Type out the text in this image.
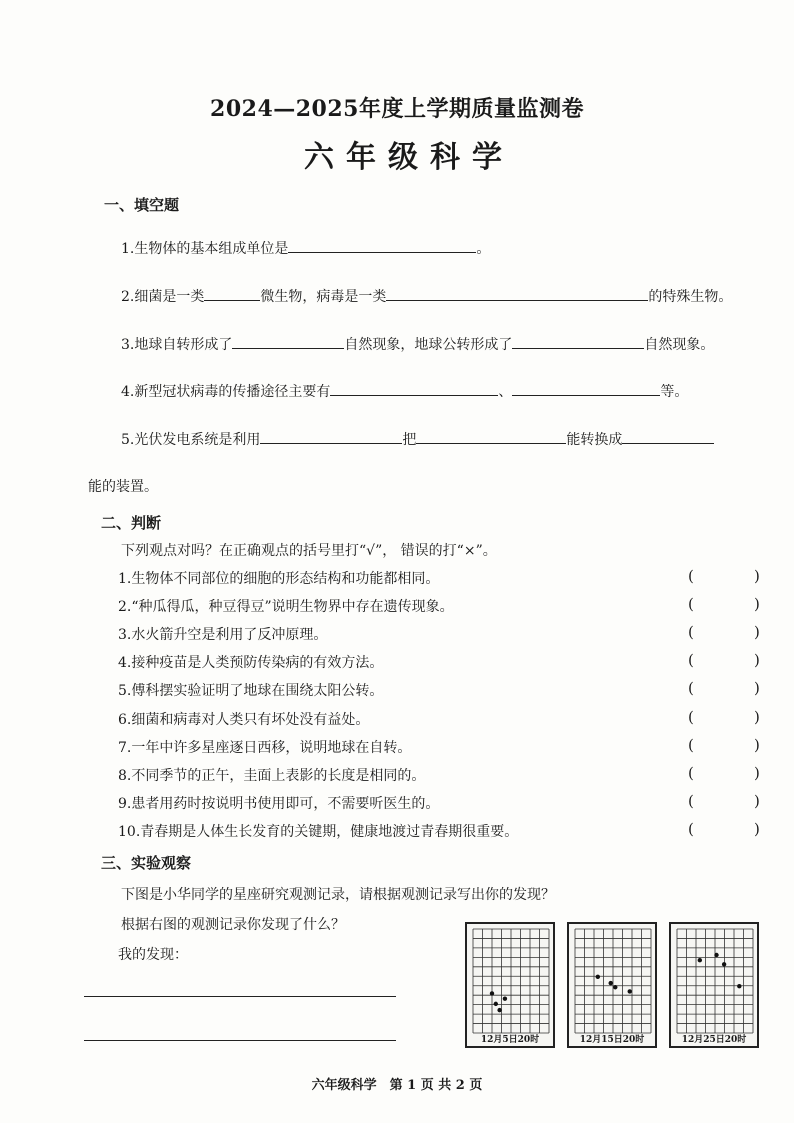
2024—2025年度上学期质量监测卷
六年级科学
一、填空题
1.生物体的基本组成单位是	。
2.细菌是一类	微生物，病毒是一类	的特殊生物。
3.地球自转形成了	自然现象，地球公转形成了	自然现象。
4.新型冠状病毒的传播途径主要有	、	等。
5.光伏发电系统是利用	把	能转换成
能的装置。
二、判断
下列观点对吗？在正确观点的括号里打“√”， 错误的打“×”。
1.生物体不同部位的细胞的形态结构和功能都相同。	(	)
2.“种瓜得瓜，种豆得豆”说明生物界中存在遗传现象。	(	)
3.水火箭升空是利用了反冲原理。	(	)
4.接种疫苗是人类预防传染病的有效方法。	(	)
5.傅科摆实验证明了地球在围绕太阳公转。	(	)
6.细菌和病毒对人类只有坏处没有益处。	(	)
7.一年中许多星座逐日西移，说明地球在自转。	(	)
8.不同季节的正午，圭面上表影的长度是相同的。	(	)
9.患者用药时按说明书使用即可，不需要听医生的。	(	)
10.青春期是人体生长发育的关键期，健康地渡过青春期很重要。	(	)
三、实验观察
下图是小华同学的星座研究观测记录，请根据观测记录写出你的发现？
根据右图的观测记录你发现了什么？
我的发现：
12月5日20时	12月15日20时	12月25日20时
六年级科学　第 1 页 共 2 页
